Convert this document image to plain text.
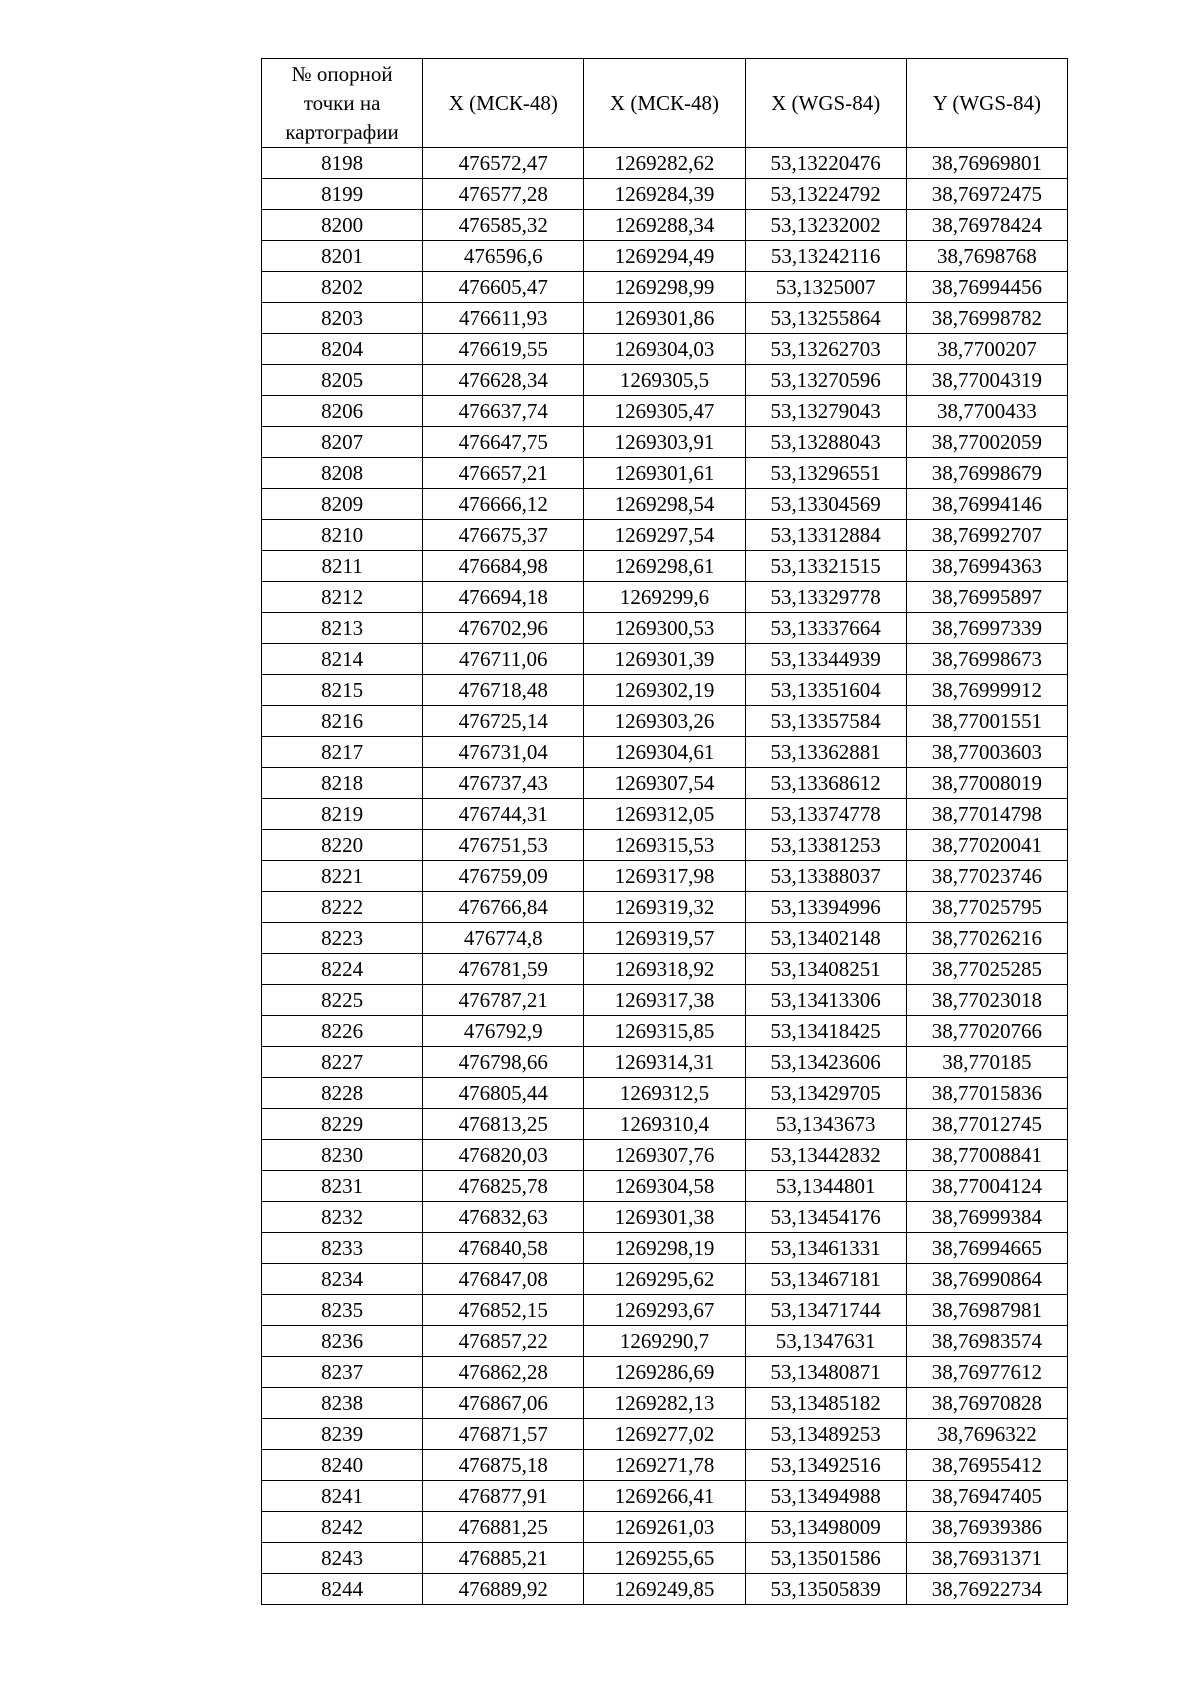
№ опорной
точки на
картографии	X (МСК-48)	X (МСК-48)	X (WGS-84)	Y (WGS-84)
8198	476572,47	1269282,62	53,13220476	38,76969801
8199	476577,28	1269284,39	53,13224792	38,76972475
8200	476585,32	1269288,34	53,13232002	38,76978424
8201	476596,6	1269294,49	53,13242116	38,7698768
8202	476605,47	1269298,99	53,1325007	38,76994456
8203	476611,93	1269301,86	53,13255864	38,76998782
8204	476619,55	1269304,03	53,13262703	38,7700207
8205	476628,34	1269305,5	53,13270596	38,77004319
8206	476637,74	1269305,47	53,13279043	38,7700433
8207	476647,75	1269303,91	53,13288043	38,77002059
8208	476657,21	1269301,61	53,13296551	38,76998679
8209	476666,12	1269298,54	53,13304569	38,76994146
8210	476675,37	1269297,54	53,13312884	38,76992707
8211	476684,98	1269298,61	53,13321515	38,76994363
8212	476694,18	1269299,6	53,13329778	38,76995897
8213	476702,96	1269300,53	53,13337664	38,76997339
8214	476711,06	1269301,39	53,13344939	38,76998673
8215	476718,48	1269302,19	53,13351604	38,76999912
8216	476725,14	1269303,26	53,13357584	38,77001551
8217	476731,04	1269304,61	53,13362881	38,77003603
8218	476737,43	1269307,54	53,13368612	38,77008019
8219	476744,31	1269312,05	53,13374778	38,77014798
8220	476751,53	1269315,53	53,13381253	38,77020041
8221	476759,09	1269317,98	53,13388037	38,77023746
8222	476766,84	1269319,32	53,13394996	38,77025795
8223	476774,8	1269319,57	53,13402148	38,77026216
8224	476781,59	1269318,92	53,13408251	38,77025285
8225	476787,21	1269317,38	53,13413306	38,77023018
8226	476792,9	1269315,85	53,13418425	38,77020766
8227	476798,66	1269314,31	53,13423606	38,770185
8228	476805,44	1269312,5	53,13429705	38,77015836
8229	476813,25	1269310,4	53,1343673	38,77012745
8230	476820,03	1269307,76	53,13442832	38,77008841
8231	476825,78	1269304,58	53,1344801	38,77004124
8232	476832,63	1269301,38	53,13454176	38,76999384
8233	476840,58	1269298,19	53,13461331	38,76994665
8234	476847,08	1269295,62	53,13467181	38,76990864
8235	476852,15	1269293,67	53,13471744	38,76987981
8236	476857,22	1269290,7	53,1347631	38,76983574
8237	476862,28	1269286,69	53,13480871	38,76977612
8238	476867,06	1269282,13	53,13485182	38,76970828
8239	476871,57	1269277,02	53,13489253	38,7696322
8240	476875,18	1269271,78	53,13492516	38,76955412
8241	476877,91	1269266,41	53,13494988	38,76947405
8242	476881,25	1269261,03	53,13498009	38,76939386
8243	476885,21	1269255,65	53,13501586	38,76931371
8244	476889,92	1269249,85	53,13505839	38,76922734
